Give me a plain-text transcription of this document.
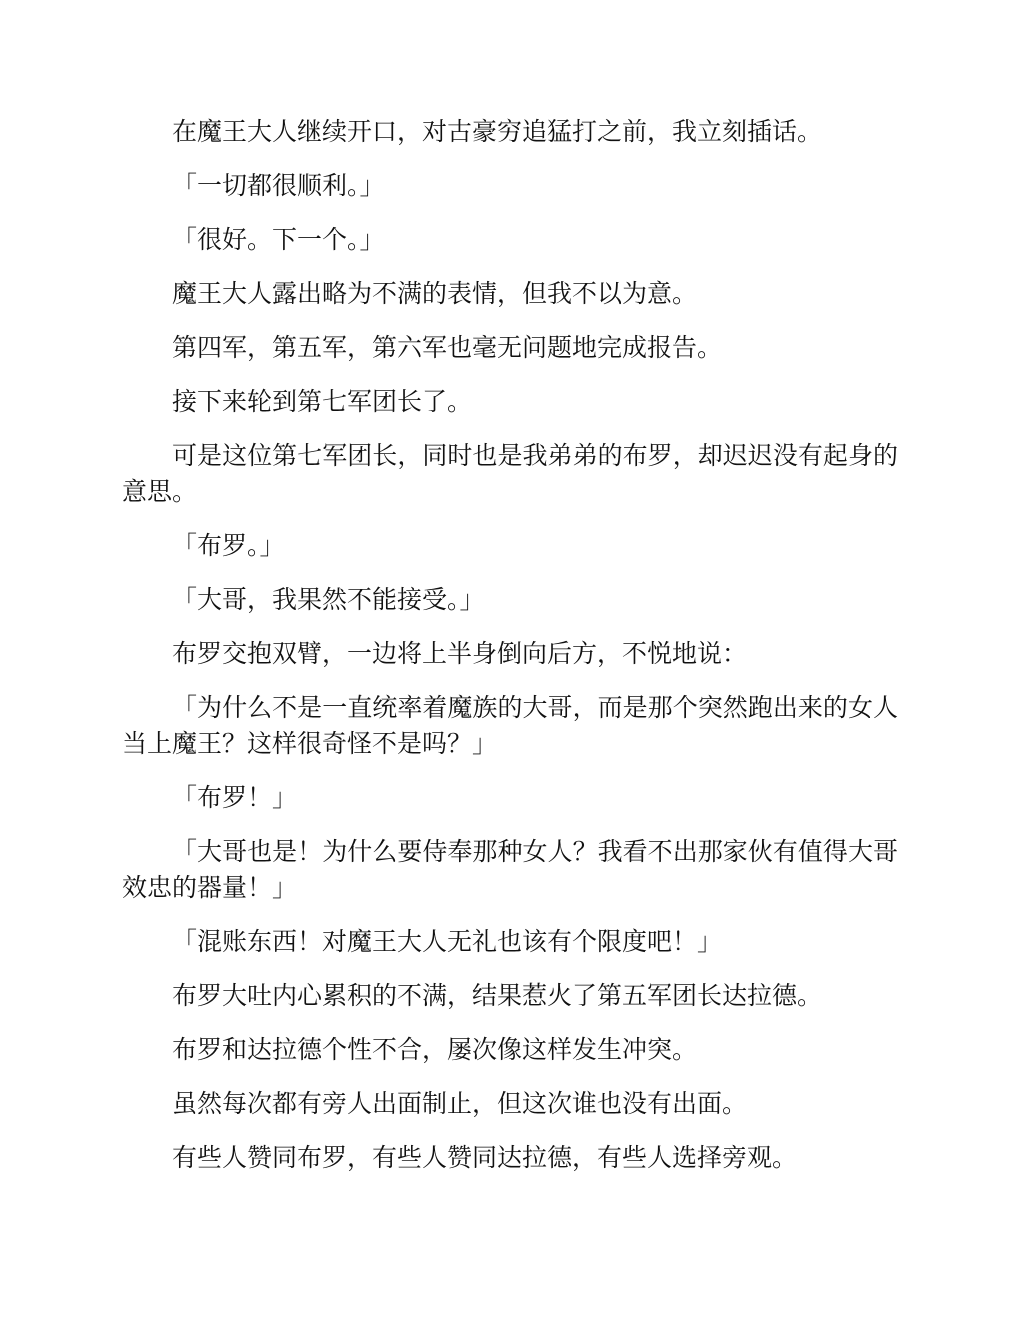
在魔王大人继续开口，对古豪穷追猛打之前，我立刻插话。

「一切都很顺利。」

「很好。下一个。」

魔王大人露出略为不满的表情，但我不以为意。

第四军，第五军，第六军也毫无问题地完成报告。

接下来轮到第七军团长了。

可是这位第七军团长，同时也是我弟弟的布罗，却迟迟没有起身的意思。

「布罗。」

「大哥，我果然不能接受。」

布罗交抱双臂，一边将上半身倒向后方，不悦地说：

「为什么不是一直统率着魔族的大哥，而是那个突然跑出来的女人当上魔王？这样很奇怪不是吗？」

「布罗！」

「大哥也是！为什么要侍奉那种女人？我看不出那家伙有值得大哥效忠的器量！」

「混账东西！对魔王大人无礼也该有个限度吧！」

布罗大吐内心累积的不满，结果惹火了第五军团长达拉德。

布罗和达拉德个性不合，屡次像这样发生冲突。

虽然每次都有旁人出面制止，但这次谁也没有出面。

有些人赞同布罗，有些人赞同达拉德，有些人选择旁观。
